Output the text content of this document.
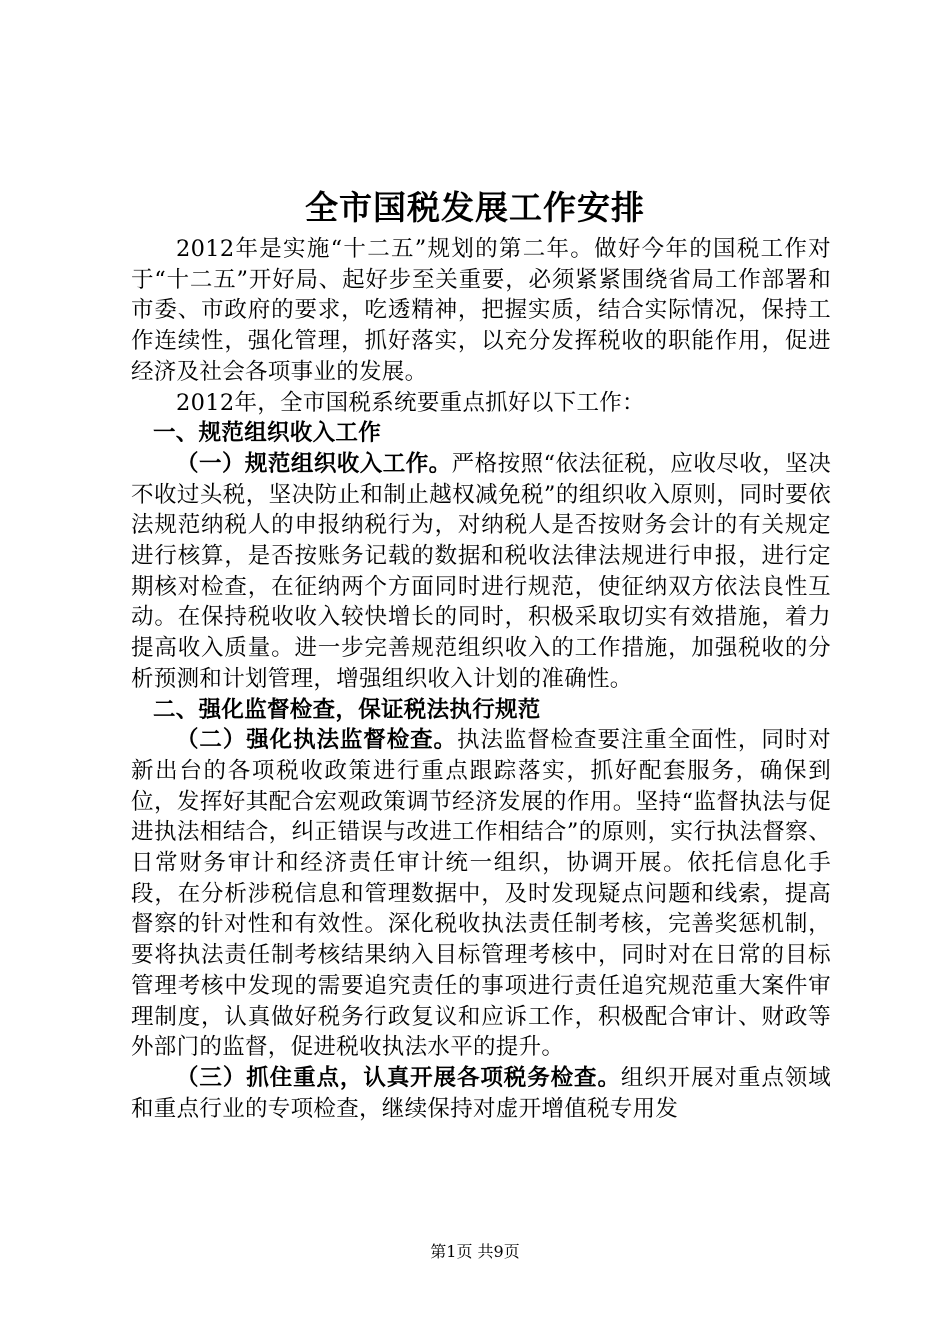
全市国税发展工作安排

2012年是实施“十二五”规划的第二年。做好今年的国税工作对于“十二五”开好局、起好步至关重要，必须紧紧围绕省局工作部署和市委、市政府的要求，吃透精神，把握实质，结合实际情况，保持工作连续性，强化管理，抓好落实，以充分发挥税收的职能作用，促进经济及社会各项事业的发展。

2012年，全市国税系统要重点抓好以下工作：

一、规范组织收入工作

（一）规范组织收入工作。严格按照“依法征税，应收尽收，坚决不收过头税，坚决防止和制止越权减免税”的组织收入原则，同时要依法规范纳税人的申报纳税行为，对纳税人是否按财务会计的有关规定进行核算，是否按账务记载的数据和税收法律法规进行申报，进行定期核对检查，在征纳两个方面同时进行规范，使征纳双方依法良性互动。在保持税收收入较快增长的同时，积极采取切实有效措施，着力提高收入质量。进一步完善规范组织收入的工作措施，加强税收的分析预测和计划管理，增强组织收入计划的准确性。

二、强化监督检查，保证税法执行规范

（二）强化执法监督检查。执法监督检查要注重全面性，同时对新出台的各项税收政策进行重点跟踪落实，抓好配套服务，确保到位，发挥好其配合宏观政策调节经济发展的作用。坚持“监督执法与促进执法相结合，纠正错误与改进工作相结合”的原则，实行执法督察、日常财务审计和经济责任审计统一组织，协调开展。依托信息化手段，在分析涉税信息和管理数据中，及时发现疑点问题和线索，提高督察的针对性和有效性。深化税收执法责任制考核，完善奖惩机制，要将执法责任制考核结果纳入目标管理考核中，同时对在日常的目标管理考核中发现的需要追究责任的事项进行责任追究规范重大案件审理制度，认真做好税务行政复议和应诉工作，积极配合审计、财政等外部门的监督，促进税收执法水平的提升。

（三）抓住重点，认真开展各项税务检查。组织开展对重点领域和重点行业的专项检查，继续保持对虚开增值税专用发

第1页 共9页
